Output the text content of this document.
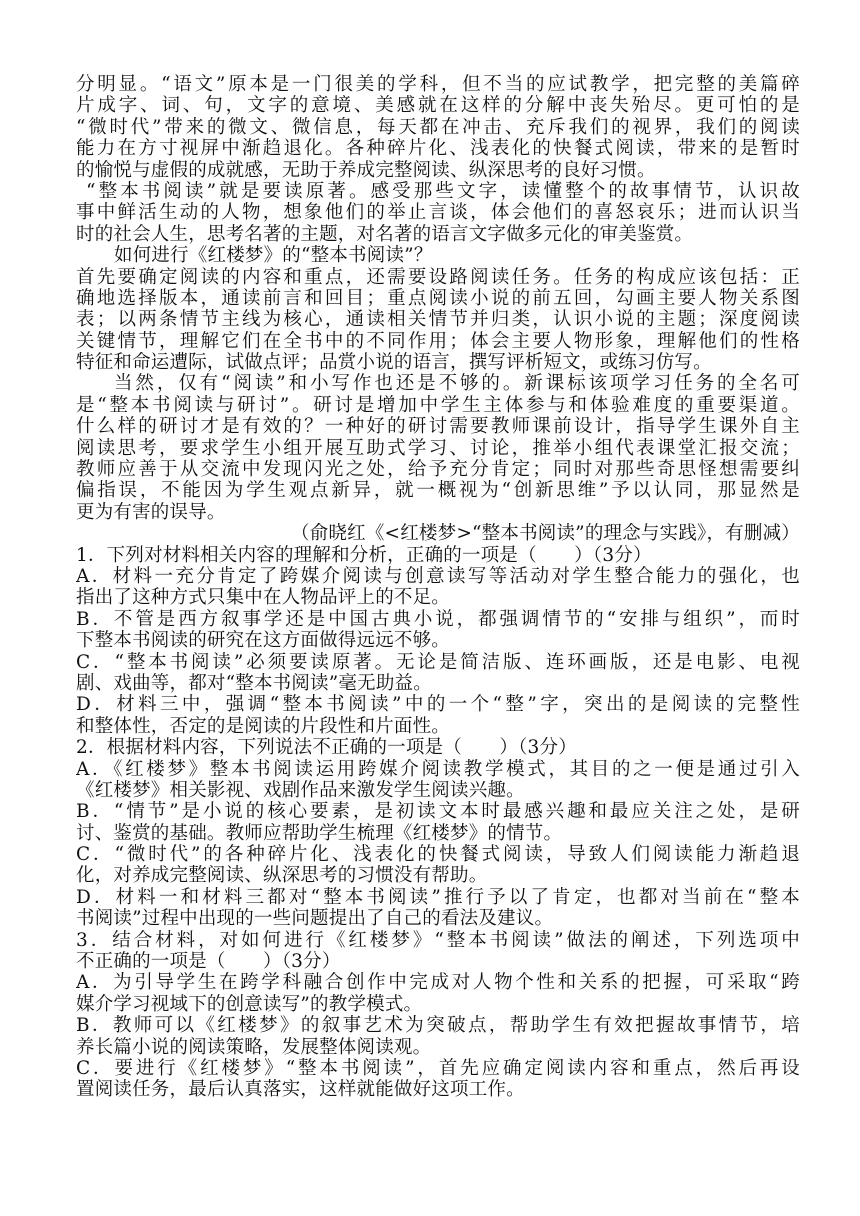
分明显。“语文”原本是一门很美的学科，但不当的应试教学，把完整的美篇碎
片成字、词、句，文字的意境、美感就在这样的分解中丧失殆尽。更可怕的是
“微时代”带来的微文、微信息，每天都在冲击、充斥我们的视界，我们的阅读
能力在方寸视屏中渐趋退化。各种碎片化、浅表化的快餐式阅读，带来的是暂时
的愉悦与虚假的成就感，无助于养成完整阅读、纵深思考的良好习惯。
“整本书阅读”就是要读原著。感受那些文字，读懂整个的故事情节，认识故
事中鲜活生动的人物，想象他们的举止言谈，体会他们的喜怒哀乐；进而认识当
时的社会人生，思考名著的主题，对名著的语言文字做多元化的审美鉴赏。
如何进行《红楼梦》的“整本书阅读”？
首先要确定阅读的内容和重点，还需要设路阅读任务。任务的构成应该包括：正
确地选择版本，通读前言和回目；重点阅读小说的前五回，勾画主要人物关系图
表；以两条情节主线为核心，通读相关情节并归类，认识小说的主题；深度阅读
关键情节，理解它们在全书中的不同作用；体会主要人物形象，理解他们的性格
特征和命运遭际，试做点评；品赏小说的语言，撰写评析短文，或练习仿写。
当然，仅有“阅读”和小写作也还是不够的。新课标该项学习任务的全名可
是“整本书阅读与研讨”。研讨是增加中学生主体参与和体验难度的重要渠道。
什么样的研讨才是有效的？一种好的研讨需要教师课前设计，指导学生课外自主
阅读思考，要求学生小组开展互助式学习、讨论，推举小组代表课堂汇报交流；
教师应善于从交流中发现闪光之处，给予充分肯定；同时对那些奇思怪想需要纠
偏指误，不能因为学生观点新异，就一概视为“创新思维”予以认同，那显然是
更为有害的误导。
（俞晓红《<红楼梦>“整本书阅读”的理念与实践》，有删减）
1．下列对材料相关内容的理解和分析，正确的一项是（　　）（3分）
A．材料一充分肯定了跨媒介阅读与创意读写等活动对学生整合能力的强化，也
指出了这种方式只集中在人物品评上的不足。
B．不管是西方叙事学还是中国古典小说，都强调情节的“安排与组织”，而时
下整本书阅读的研究在这方面做得远远不够。
C．“整本书阅读”必须要读原著。无论是简洁版、连环画版，还是电影、电视
剧、戏曲等，都对“整本书阅读”毫无助益。
D．材料三中，强调“整本书阅读”中的一个“整”字，突出的是阅读的完整性
和整体性，否定的是阅读的片段性和片面性。
2．根据材料内容，下列说法不正确的一项是（　　）（3分）
A．《红楼梦》整本书阅读运用跨媒介阅读教学模式，其目的之一便是通过引入
《红楼梦》相关影视、戏剧作品来激发学生阅读兴趣。
B．“情节”是小说的核心要素，是初读文本时最感兴趣和最应关注之处，是研
讨、鉴赏的基础。教师应帮助学生梳理《红楼梦》的情节。
C．“微时代”的各种碎片化、浅表化的快餐式阅读，导致人们阅读能力渐趋退
化，对养成完整阅读、纵深思考的习惯没有帮助。
D．材料一和材料三都对“整本书阅读”推行予以了肯定，也都对当前在“整本
书阅读”过程中出现的一些问题提出了自己的看法及建议。
3．结合材料，对如何进行《红楼梦》“整本书阅读”做法的阐述，下列选项中
不正确的一项是（　　）（3分）
A．为引导学生在跨学科融合创作中完成对人物个性和关系的把握，可采取“跨
媒介学习视域下的创意读写”的教学模式。
B．教师可以《红楼梦》的叙事艺术为突破点，帮助学生有效把握故事情节，培
养长篇小说的阅读策略，发展整体阅读观。
C．要进行《红楼梦》“整本书阅读”，首先应确定阅读内容和重点，然后再设
置阅读任务，最后认真落实，这样就能做好这项工作。
